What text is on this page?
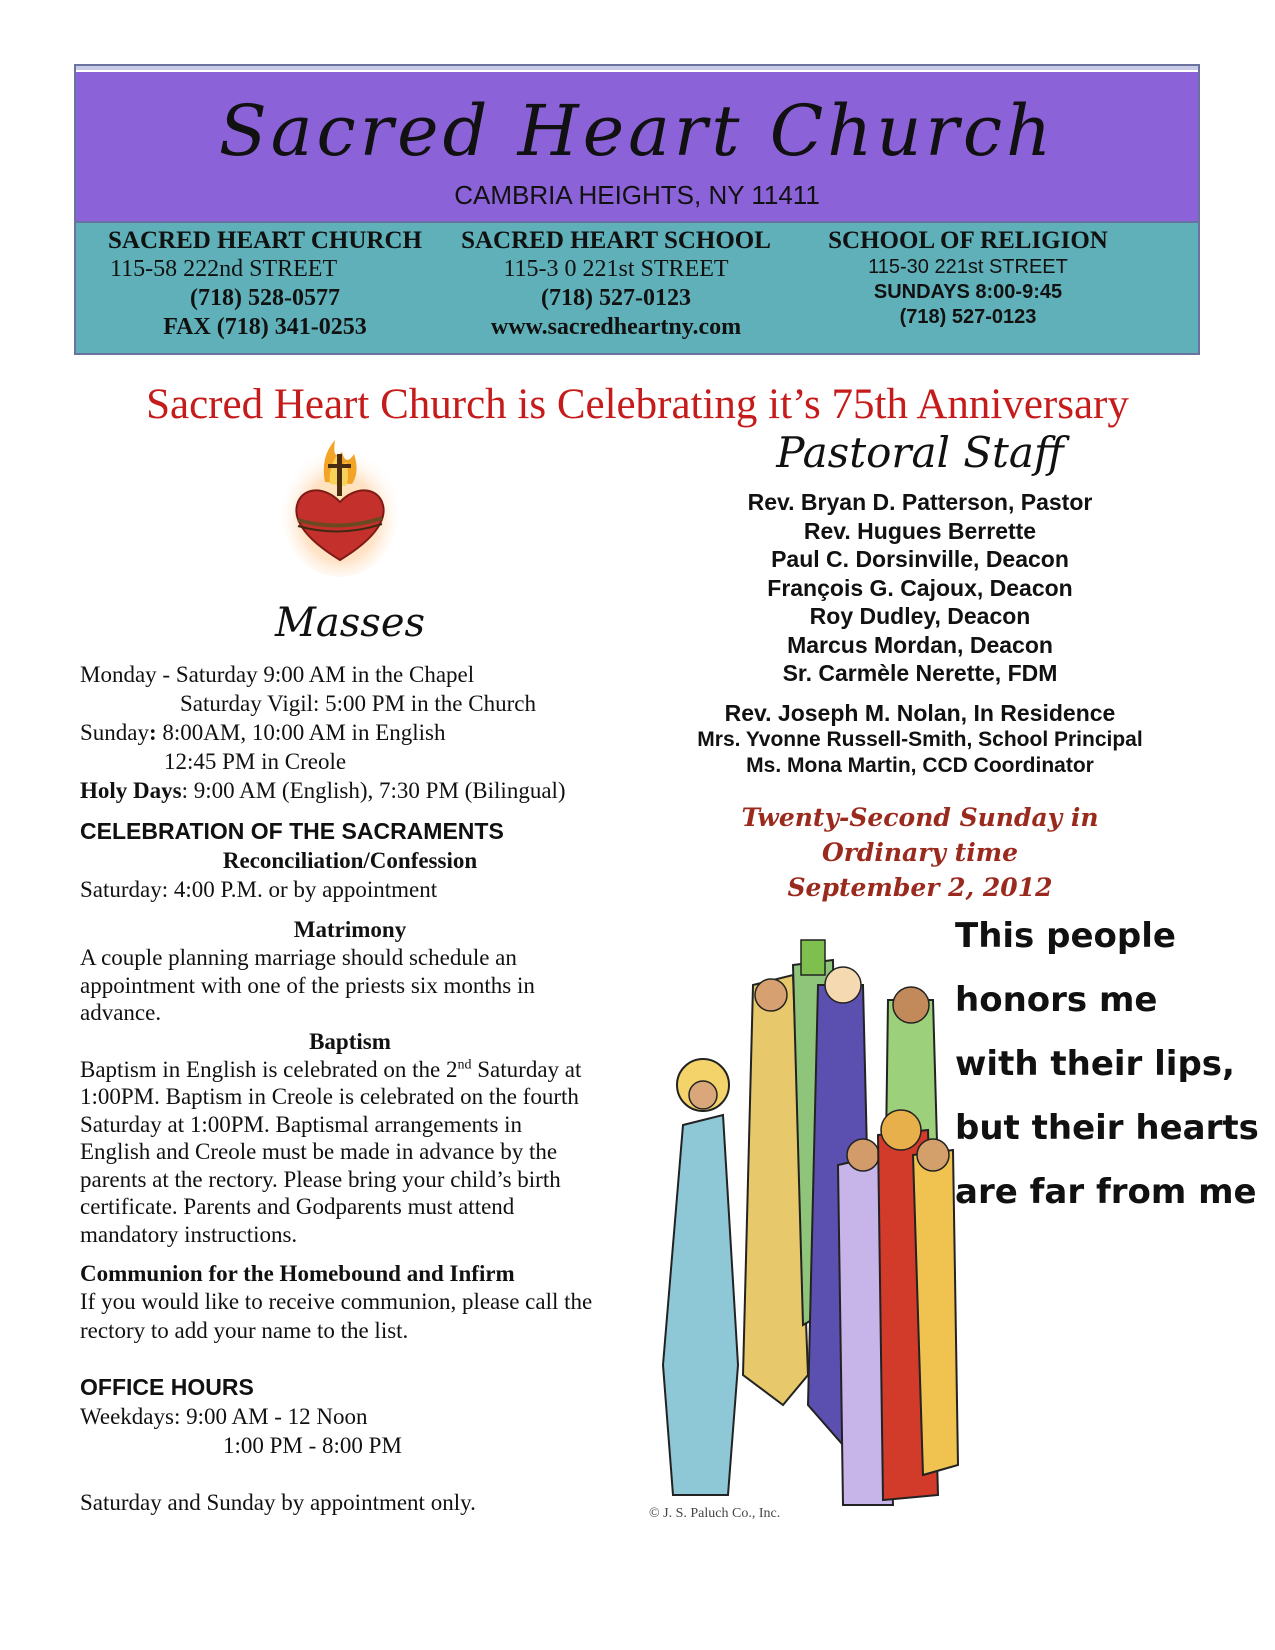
Sacred Heart Church
CAMBRIA HEIGHTS, NY 11411
SACRED HEART CHURCH
115-58 222nd STREET
(718) 528-0577
FAX (718) 341-0253
SACRED HEART SCHOOL
115-3 0 221st STREET
(718) 527-0123
www.sacredheartny.com
SCHOOL OF RELIGION
115-30 221st STREET
SUNDAYS 8:00-9:45
(718) 527-0123
Sacred Heart Church is Celebrating it’s 75th Anniversary
Masses

Monday - Saturday 9:00 AM in the Chapel

Saturday Vigil: 5:00 PM in the Church

Sunday: 8:00AM, 10:00 AM in English

12:45 PM in Creole

Holy Days: 9:00 AM (English), 7:30 PM (Bilingual)

CELEBRATION OF THE SACRAMENTS

Reconciliation/Confession

Saturday: 4:00 P.M. or by appointment

Matrimony

A couple planning marriage should schedule an appointment with one of the priests six months in advance.

Baptism

Baptism in English is celebrated on the 2nd Saturday at 1:00PM. Baptism in Creole is celebrated on the fourth Saturday at 1:00PM. Baptismal arrangements in English and Creole must be made in advance by the parents at the rectory. Please bring your child’s birth certificate. Parents and Godparents must attend mandatory instructions.

Communion for the Homebound and Infirm

If you would like to receive communion, please call the rectory to add your name to the list.

OFFICE HOURS

Weekdays: 9:00 AM - 12 Noon

1:00 PM - 8:00 PM

Saturday and Sunday by appointment only.

Pastoral Staff
Rev. Bryan D. Patterson, Pastor
Rev. Hugues Berrette
Paul C. Dorsinville, Deacon
François G. Cajoux, Deacon
Roy Dudley, Deacon
Marcus Mordan, Deacon
Sr. Carmèle Nerette, FDM
Rev. Joseph M. Nolan, In Residence
Mrs. Yvonne Russell-Smith, School Principal
Ms. Mona Martin, CCD Coordinator
Twenty-Second Sunday in
Ordinary time
September 2, 2012
This people
honors me
with their lips,
but their hearts
are far from me
© J. S. Paluch Co., Inc.
